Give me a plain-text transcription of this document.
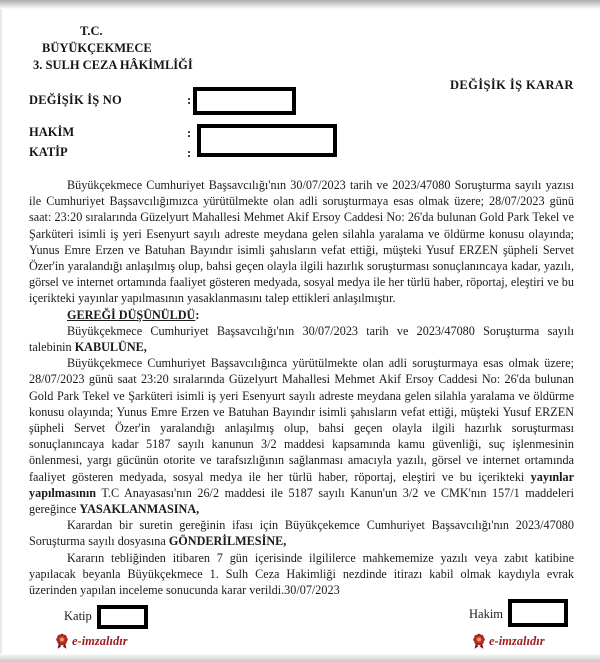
T.C.
BÜYÜKÇEKMECE
3. SULH CEZA HÂKİMLİĞİ
DEĞİŞİK İŞ KARAR
DEĞİŞİK İŞ NO	:
HAKİM	:
KATİP	:

Büyükçekmece Cumhuriyet Başsavcılığı'nın 30/07/2023 tarih ve 2023/47080 Soruşturma sayılı yazısı ile Cumhuriyet Başsavcılığımızca yürütülmekte olan adli soruşturmaya esas olmak üzere; 28/07/2023 günü saat: 23:20 sıralarında Güzelyurt Mahallesi Mehmet Akif Ersoy Caddesi No: 26'da bulunan Gold Park Tekel ve Şarküteri isimli iş yeri Esenyurt sayılı adreste meydana gelen silahla yaralama ve öldürme konusu olayında; Yunus Emre Erzen ve Batuhan Bayındır isimli şahısların vefat ettiği, müşteki Yusuf ERZEN şüpheli Servet Özer'in yaralandığı anlaşılmış olup, bahsi geçen olayla ilgili hazırlık soruşturması sonuçlanıncaya kadar, yazılı, görsel ve internet ortamında faaliyet gösteren medyada, sosyal medya ile her türlü haber, röportaj, eleştiri ve bu içerikteki yayınlar yapılmasının yasaklanmasını talep ettikleri anlaşılmıştır.

GEREĞİ DÜŞÜNÜLDÜ:

Büyükçekmece Cumhuriyet Başsavcılığı'nın 30/07/2023 tarih ve 2023/47080 Soruşturma sayılı talebinin KABULÜNE,

Büyükçekmece Cumhuriyet Başsavcılığınca yürütülmekte olan adli soruşturmaya esas olmak üzere; 28/07/2023 günü saat 23:20 sıralarında Güzelyurt Mahallesi Mehmet Akif Ersoy Caddesi No: 26'da bulunan Gold Park Tekel ve Şarküteri isimli iş yeri Esenyurt sayılı adreste meydana gelen silahla yaralama ve öldürme konusu olayında; Yunus Emre Erzen ve Batuhan Bayındır isimli şahısların vefat ettiği, müşteki Yusuf ERZEN şüpheli Servet Özer'in yaralandığı anlaşılmış olup, bahsi geçen olayla ilgili hazırlık soruşturması sonuçlanıncaya kadar 5187 sayılı kanunun 3/2 maddesi kapsamında kamu güvenliği, suç işlenmesinin önlenmesi, yargı gücünün otorite ve tarafsızlığının sağlanması amacıyla yazılı, görsel ve internet ortamında faaliyet gösteren medyada, sosyal medya ile her türlü haber, röportaj, eleştiri ve bu içerikteki yayınlar yapılmasının T.C Anayasası'nın 26/2 maddesi ile 5187 sayılı Kanun'un 3/2 ve CMK'nın 157/1 maddeleri gereğince YASAKLANMASINA,

Karardan bir suretin gereğinin ifası için Büyükçekemce Cumhuriyet Başsavcılığı'nın 2023/47080 Soruşturma sayılı dosyasına GÖNDERİLMESİNE,

Kararın tebliğinden itibaren 7 gün içerisinde ilgililerce mahkememize yazılı veya zabıt katibine yapılacak beyanla Büyükçekmece 1. Sulh Ceza Hakimliği nezdinde itirazı kabil olmak kaydıyla evrak üzerinden yapılan inceleme sonucunda karar verildi.30/07/2023

Katip	Hakim
e-imzalıdır	e-imzalıdır
